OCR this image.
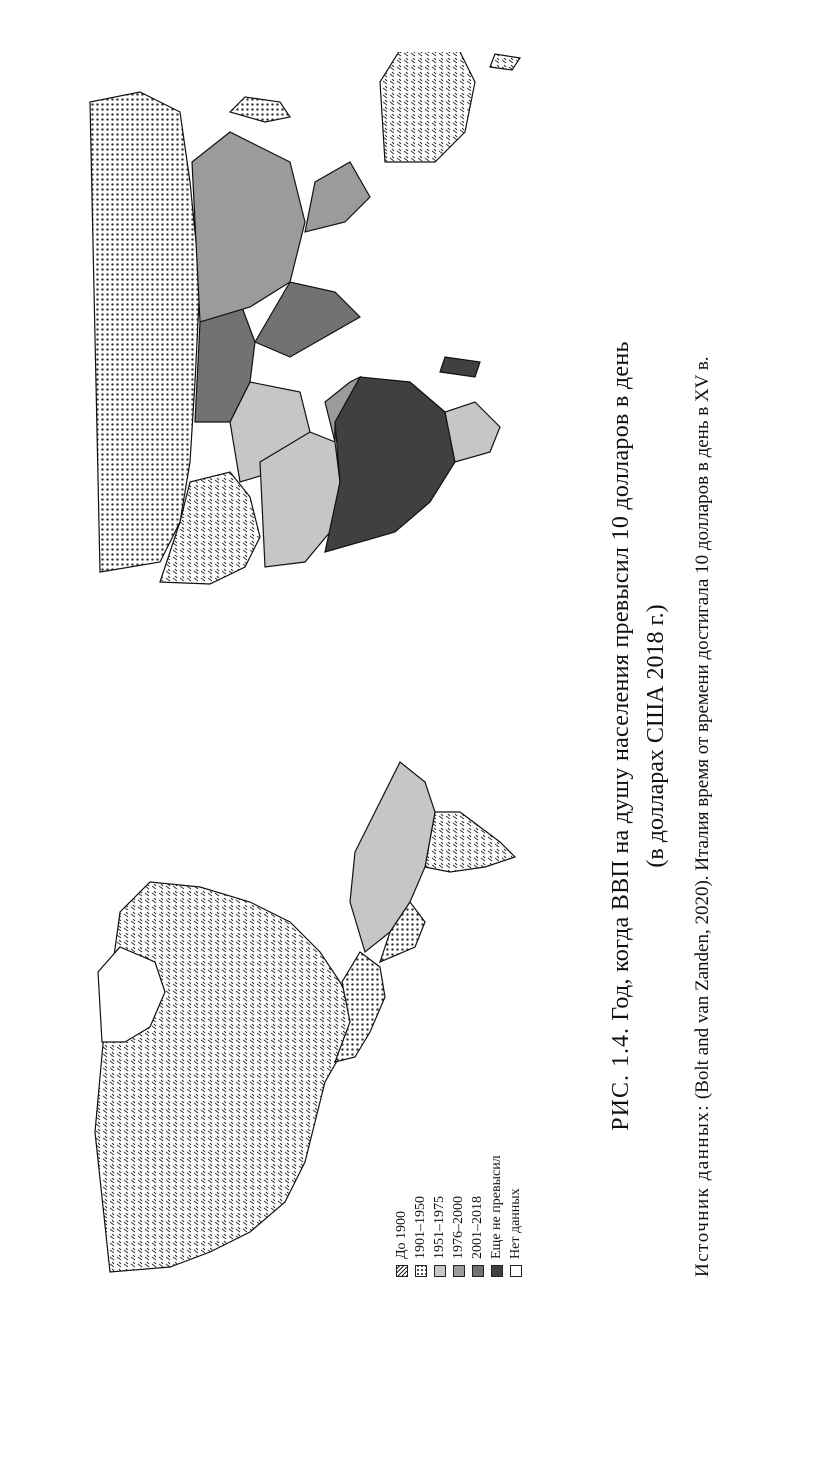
До 1900 1901–1950 1951–1975 1976–2000 2001–2018 Еще не превысил Нет данных
РИС. 1.4. Год, когда ВВП на душу населения превысил 10 долларов в день (в долларах США 2018 г.)
Источник данных: (Bolt and van Zanden, 2020). Италия время от времени достигала 10 долларов в день в XV в.
